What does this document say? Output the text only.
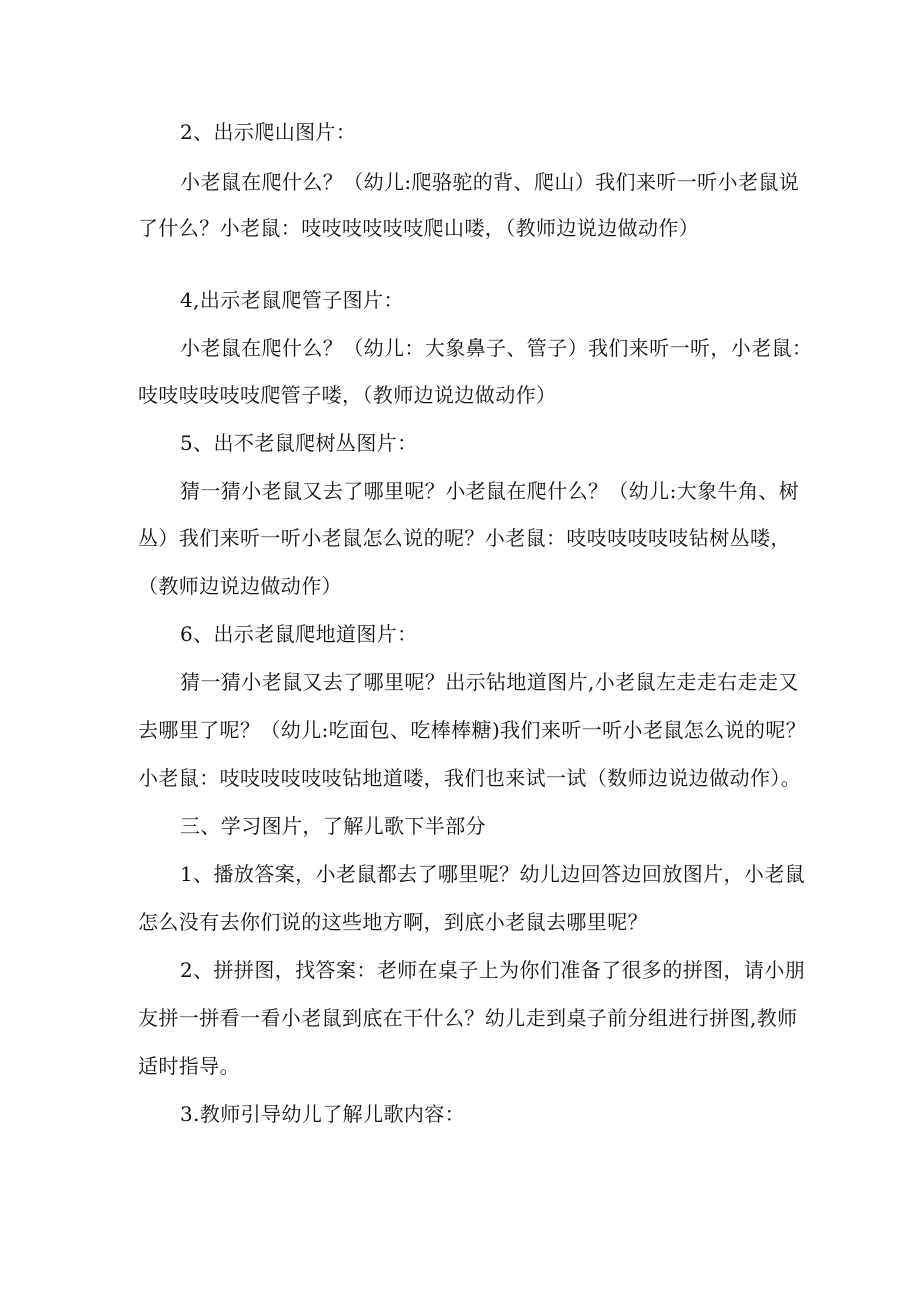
2、出示爬山图片：
小老鼠在爬什么？（幼儿:爬骆驼的背、爬山）我们来听一听小老鼠说
了什么？小老鼠：吱吱吱吱吱吱爬山喽，（教师边说边做动作）
4,出示老鼠爬管子图片：
小老鼠在爬什么？（幼儿：大象鼻子、管子）我们来听一听，小老鼠：
吱吱吱吱吱吱爬管子喽，（教师边说边做动作）
5、出不老鼠爬树丛图片：
猜一猜小老鼠又去了哪里呢？小老鼠在爬什么？（幼儿:大象牛角、树
丛）我们来听一听小老鼠怎么说的呢？小老鼠：吱吱吱吱吱吱钻树丛喽，
（教师边说边做动作）
6、出示老鼠爬地道图片：
猜一猜小老鼠又去了哪里呢？出示钻地道图片,小老鼠左走走右走走又
去哪里了呢？（幼儿:吃面包、吃棒棒糖)我们来听一听小老鼠怎么说的呢？
小老鼠：吱吱吱吱吱吱钻地道喽，我们也来试一试（数师边说边做动作）。
三、学习图片，了解儿歌下半部分
1、播放答案，小老鼠都去了哪里呢？幼儿边回答边回放图片，小老鼠
怎么没有去你们说的这些地方啊，到底小老鼠去哪里呢？
2、拼拼图，找答案：老师在桌子上为你们准备了很多的拼图，请小朋
友拼一拼看一看小老鼠到底在干什么？幼儿走到桌子前分组进行拼图,教师
适时指导。
3.教师引导幼儿了解儿歌内容：
